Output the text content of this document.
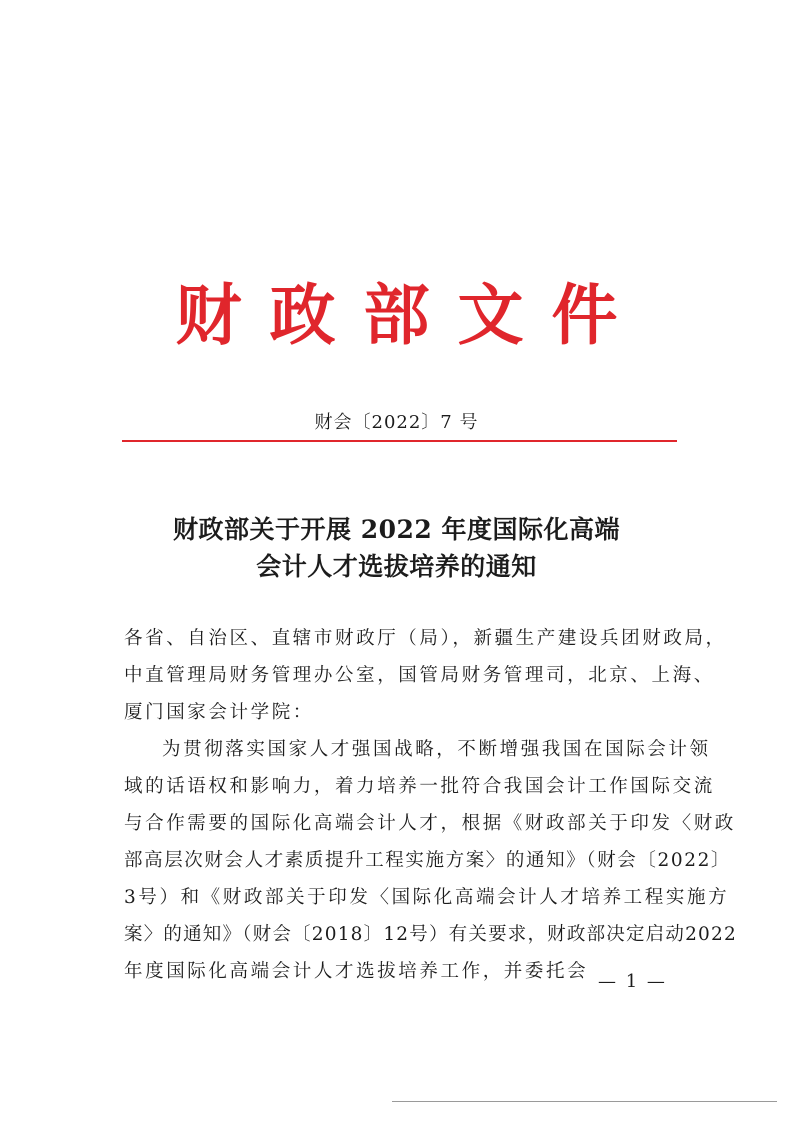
财政部文件
财会〔2022〕7 号
财政部关于开展 2022 年度国际化高端
会计人才选拔培养的通知
各省、自治区、直辖市财政厅（局），新疆生产建设兵团财政局，
中直管理局财务管理办公室，国管局财务管理司，北京、上海、
厦门国家会计学院：
为贯彻落实国家人才强国战略，不断增强我国在国际会计领
域的话语权和影响力，着力培养一批符合我国会计工作国际交流
与合作需要的国际化高端会计人才，根据《财政部关于印发〈财政
部高层次财会人才素质提升工程实施方案〉的通知》（财会〔2022〕
3号）和《财政部关于印发〈国际化高端会计人才培养工程实施方
案〉的通知》（财会〔2018〕12号）有关要求，财政部决定启动2022
年度国际化高端会计人才选拔培养工作，并委托会 — 1 —
